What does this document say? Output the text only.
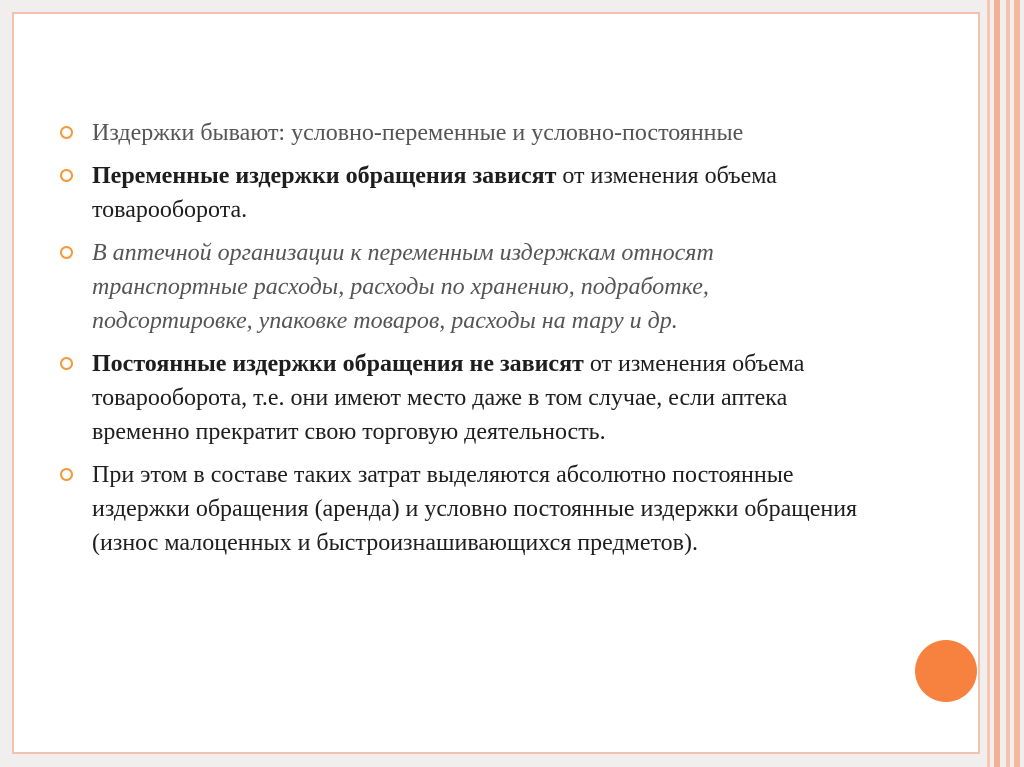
Издержки бывают: условно-переменные и условно-постоянные
Переменные издержки обращения зависят от изменения объема товарооборота.
В аптечной организации к переменным издержкам относят транспортные расходы, расходы по хранению, подработке, подсортировке, упаковке товаров, расходы на тару и др.
Постоянные издержки обращения не зависят от изменения объема товарооборота, т.е. они имеют место даже в том случае, если аптека временно прекратит свою торговую деятельность.
При этом в составе таких затрат выделяются абсолютно постоянные издержки обращения (аренда) и условно постоянные издержки обращения (износ малоценных и быстроизнашивающихся предметов).
